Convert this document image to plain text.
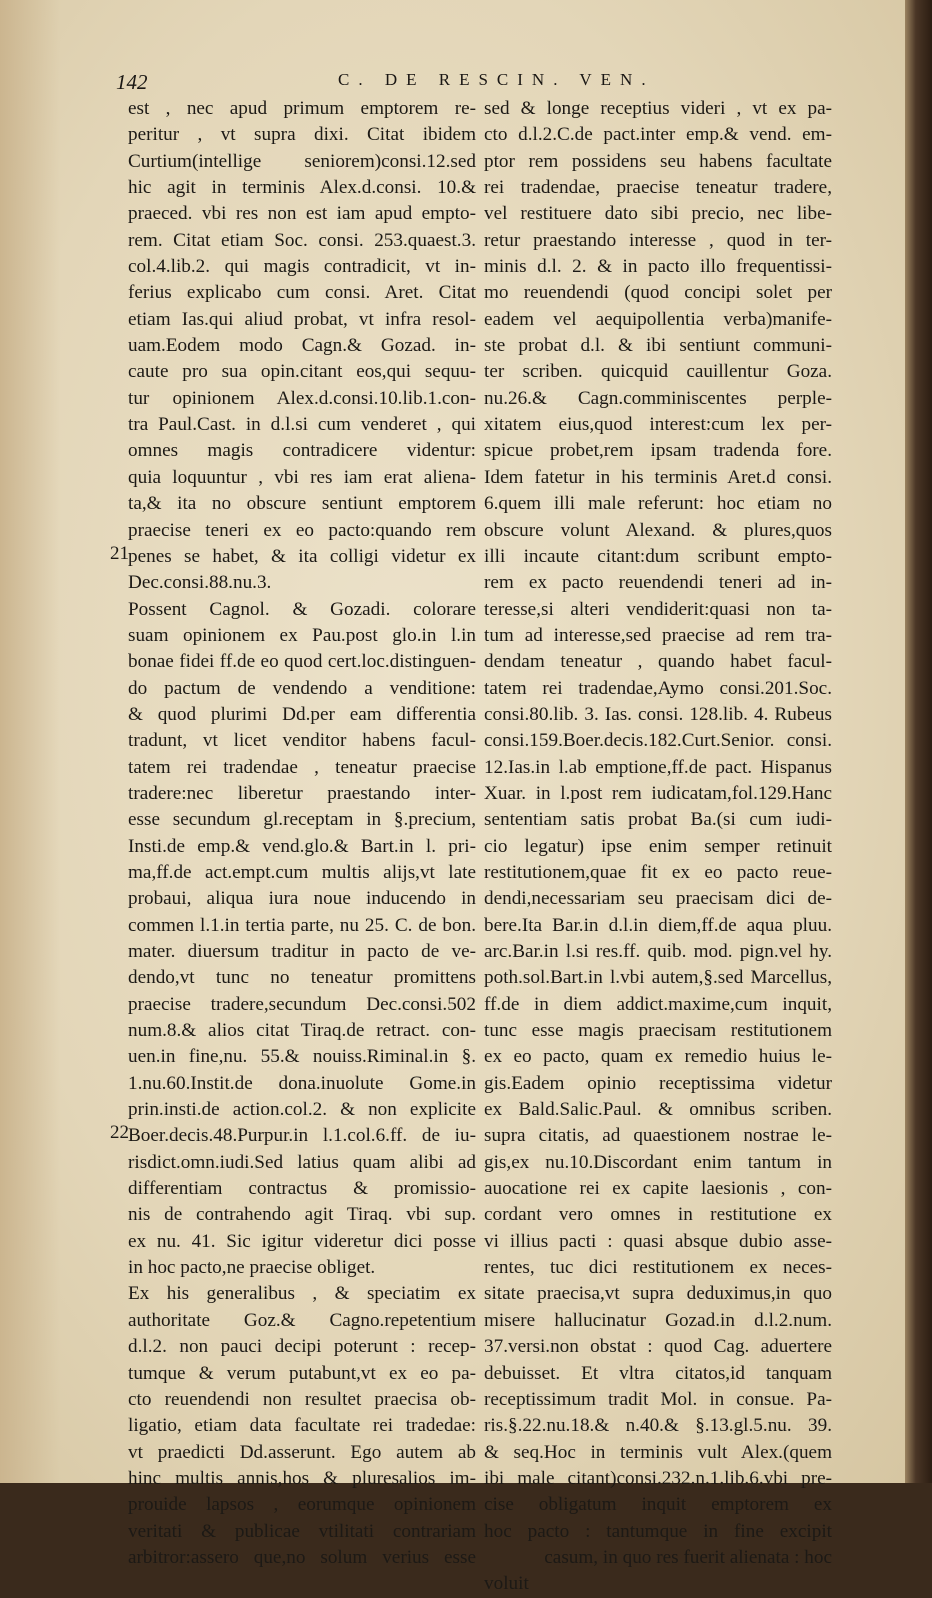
142	C. DE RESCIN. VEN.
21
22
est , nec apud primum emptorem re-
peritur , vt supra dixi. Citat ibidem
Curtium(intellige seniorem)consi.12.sed
hic agit in terminis Alex.d.consi. 10.&
praeced. vbi res non est iam apud empto-
rem. Citat etiam Soc. consi. 253.quaest.3.
col.4.lib.2. qui magis contradicit, vt in-
ferius explicabo cum consi. Aret. Citat
etiam Ias.qui aliud probat, vt infra resol-
uam.Eodem modo Cagn.& Gozad. in-
caute pro sua opin.citant eos,qui sequu-
tur opinionem Alex.d.consi.10.lib.1.con-
tra Paul.Cast. in d.l.si cum venderet , qui
omnes magis contradicere videntur:
quia loquuntur , vbi res iam erat aliena-
ta,& ita no obscure sentiunt emptorem
praecise teneri ex eo pacto:quando rem
penes se habet, & ita colligi videtur ex
Dec.consi.88.nu.3.
Possent Cagnol. & Gozadi. colorare
suam opinionem ex Pau.post glo.in l.in
bonae fidei ff.de eo quod cert.loc.distinguen-
do pactum de vendendo a venditione:
& quod plurimi Dd.per eam differentia
tradunt, vt licet venditor habens facul-
tatem rei tradendae , teneatur praecise
tradere:nec liberetur praestando inter-
esse secundum gl.receptam in §.precium,
Insti.de emp.& vend.glo.& Bart.in l. pri-
ma,ff.de act.empt.cum multis alijs,vt late
probaui, aliqua iura noue inducendo in
commen l.1.in tertia parte, nu 25. C. de bon.
mater. diuersum traditur in pacto de ve-
dendo,vt tunc no teneatur promittens
praecise tradere,secundum Dec.consi.502
num.8.& alios citat Tiraq.de retract. con-
uen.in fine,nu. 55.& nouiss.Riminal.in §.
1.nu.60.Instit.de dona.inuolute Gome.in
prin.insti.de action.col.2. & non explicite
Boer.decis.48.Purpur.in l.1.col.6.ff. de iu-
risdict.omn.iudi.Sed latius quam alibi ad
differentiam contractus & promissio-
nis de contrahendo agit Tiraq. vbi sup.
ex nu. 41. Sic igitur videretur dici posse
in hoc pacto,ne praecise obliget.
Ex his generalibus , & speciatim ex
authoritate Goz.& Cagno.repetentium
d.l.2. non pauci decipi poterunt : recep-
tumque & verum putabunt,vt ex eo pa-
cto reuendendi non resultet praecisa ob-
ligatio, etiam data facultate rei tradedae:
vt praedicti Dd.asserunt. Ego autem ab
hinc multis annis,hos & pluresalios im-
prouide lapsos , eorumque opinionem
veritati & publicae vtilitati contrariam
arbitror:assero que,no solum verius esse
sed & longe receptius videri , vt ex pa-
cto d.l.2.C.de pact.inter emp.& vend. em-
ptor rem possidens seu habens facultate
rei tradendae, praecise teneatur tradere,
vel restituere dato sibi precio, nec libe-
retur praestando interesse , quod in ter-
minis d.l. 2. & in pacto illo frequentissi-
mo reuendendi (quod concipi solet per
eadem vel aequipollentia verba)manife-
ste probat d.l. & ibi sentiunt communi-
ter scriben. quicquid cauillentur Goza.
nu.26.& Cagn.comminiscentes perple-
xitatem eius,quod interest:cum lex per-
spicue probet,rem ipsam tradenda fore.
Idem fatetur in his terminis Aret.d consi.
6.quem illi male referunt: hoc etiam no
obscure volunt Alexand. & plures,quos
illi incaute citant:dum scribunt empto-
rem ex pacto reuendendi teneri ad in-
teresse,si alteri vendiderit:quasi non ta-
tum ad interesse,sed praecise ad rem tra-
dendam teneatur , quando habet facul-
tatem rei tradendae,Aymo consi.201.Soc.
consi.80.lib. 3. Ias. consi. 128.lib. 4. Rubeus
consi.159.Boer.decis.182.Curt.Senior. consi.
12.Ias.in l.ab emptione,ff.de pact. Hispanus
Xuar. in l.post rem iudicatam,fol.129.Hanc
sententiam satis probat Ba.(si cum iudi-
cio legatur) ipse enim semper retinuit
restitutionem,quae fit ex eo pacto reue-
dendi,necessariam seu praecisam dici de-
bere.Ita Bar.in d.l.in diem,ff.de aqua pluu.
arc.Bar.in l.si res.ff. quib. mod. pign.vel hy.
poth.sol.Bart.in l.vbi autem,§.sed Marcellus,
ff.de in diem addict.maxime,cum inquit,
tunc esse magis praecisam restitutionem
ex eo pacto, quam ex remedio huius le-
gis.Eadem opinio receptissima videtur
ex Bald.Salic.Paul. & omnibus scriben.
supra citatis, ad quaestionem nostrae le-
gis,ex nu.10.Discordant enim tantum in
auocatione rei ex capite laesionis , con-
cordant vero omnes in restitutione ex
vi illius pacti : quasi absque dubio asse-
rentes, tuc dici restitutionem ex neces-
sitate praecisa,vt supra deduximus,in quo
misere hallucinatur Gozad.in d.l.2.num.
37.versi.non obstat : quod Cag. aduertere
debuisset. Et vltra citatos,id tanquam
receptissimum tradit Mol. in consue. Pa-
ris.§.22.nu.18.& n.40.& §.13.gl.5.nu. 39.
& seq.Hoc in terminis vult Alex.(quem
ibi male citant)consi.232.n.1.lib.6.vbi pre-
cise obligatum inquit emptorem ex
hoc pacto : tantumque in fine excipit
casum, in quo res fuerit alienata : hoc
voluit
